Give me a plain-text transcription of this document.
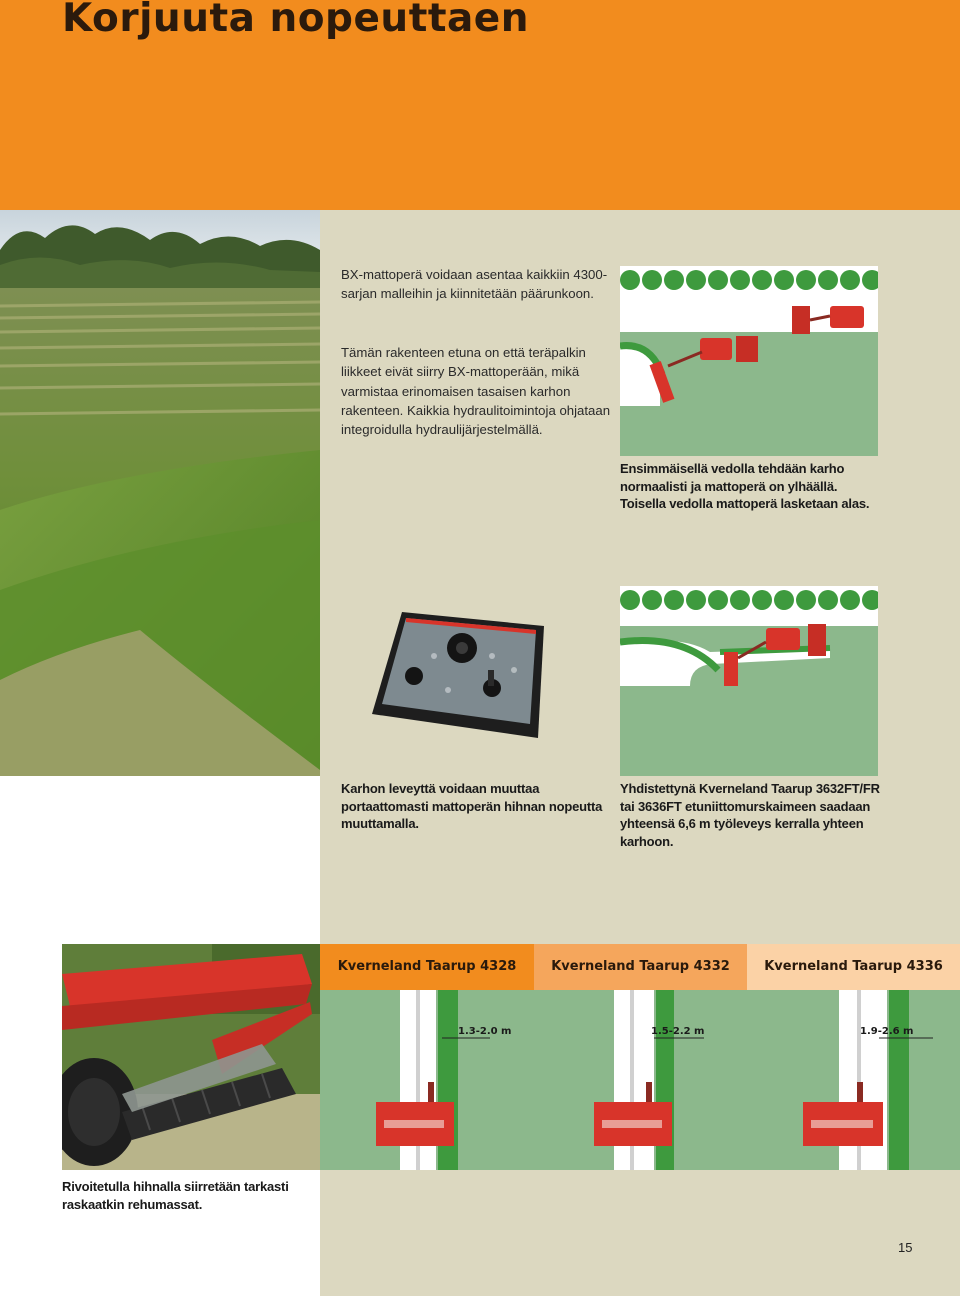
Korjuuta nopeuttaen

BX-mattoperä voidaan asentaa kaikkiin 4300-sarjan malleihin ja kiinnitetään päärunkoon.

Tämän rakenteen etuna on että teräpalkin liikkeet eivät siirry BX-mattoperään, mikä varmistaa erinomaisen tasaisen karhon rakenteen. Kaikkia hydraulitoimintoja ohjataan integroidulla hydraulijärjestelmällä.

Ensimmäisellä vedolla tehdään karho normaalisti ja mattoperä on ylhäällä. Toisella vedolla mattoperä lasketaan alas.

Karhon leveyttä voidaan muuttaa portaattomasti mattoperän hihnan nopeutta muuttamalla.

Yhdistettynä Kverneland Taarup 3632FT/FR tai 3636FT etuniittomurskaimeen saadaan yhteensä 6,6 m työleveys kerralla yhteen karhoon.

Rivoitetulla hihnalla siirretään tarkasti raskaatkin rehumassat.

Kverneland Taarup 4328	Kverneland Taarup 4332	Kverneland Taarup 4336
1.3-2.0 m	1.5-2.2 m	1.9-2.6 m
15
